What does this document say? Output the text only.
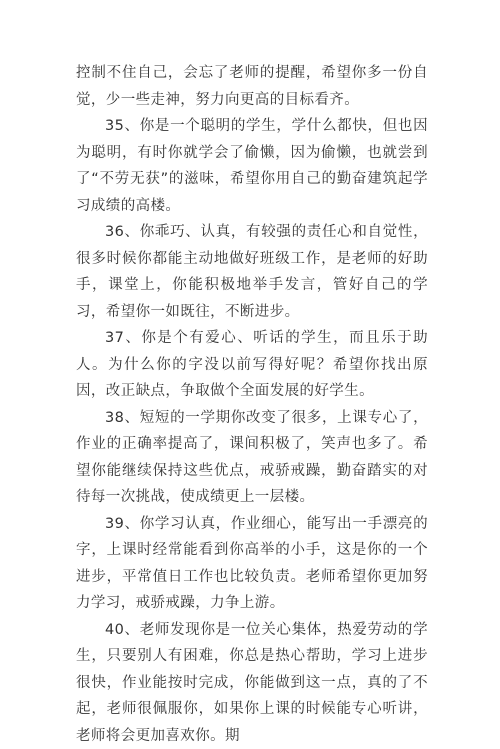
控制不住自己，会忘了老师的提醒，希望你多一份自觉，少一些走神，努力向更高的目标看齐。

35、你是一个聪明的学生，学什么都快，但也因为聪明，有时你就学会了偷懒，因为偷懒，也就尝到了“不劳无获”的滋味，希望你用自己的勤奋建筑起学习成绩的高楼。

36、你乖巧、认真，有较强的责任心和自觉性，很多时候你都能主动地做好班级工作，是老师的好助手，课堂上，你能积极地举手发言，管好自己的学习，希望你一如既往，不断进步。

37、你是个有爱心、听话的学生，而且乐于助人。为什么你的字没以前写得好呢？希望你找出原因，改正缺点，争取做个全面发展的好学生。

38、短短的一学期你改变了很多，上课专心了，作业的正确率提高了，课间积极了，笑声也多了。希望你能继续保持这些优点，戒骄戒躁，勤奋踏实的对待每一次挑战，使成绩更上一层楼。

39、你学习认真，作业细心，能写出一手漂亮的字，上课时经常能看到你高举的小手，这是你的一个进步，平常值日工作也比较负责。老师希望你更加努力学习，戒骄戒躁，力争上游。

40、老师发现你是一位关心集体，热爱劳动的学生，只要别人有困难，你总是热心帮助，学习上进步很快，作业能按时完成，你能做到这一点，真的了不起，老师很佩服你，如果你上课的时候能专心听讲，老师将会更加喜欢你。期
